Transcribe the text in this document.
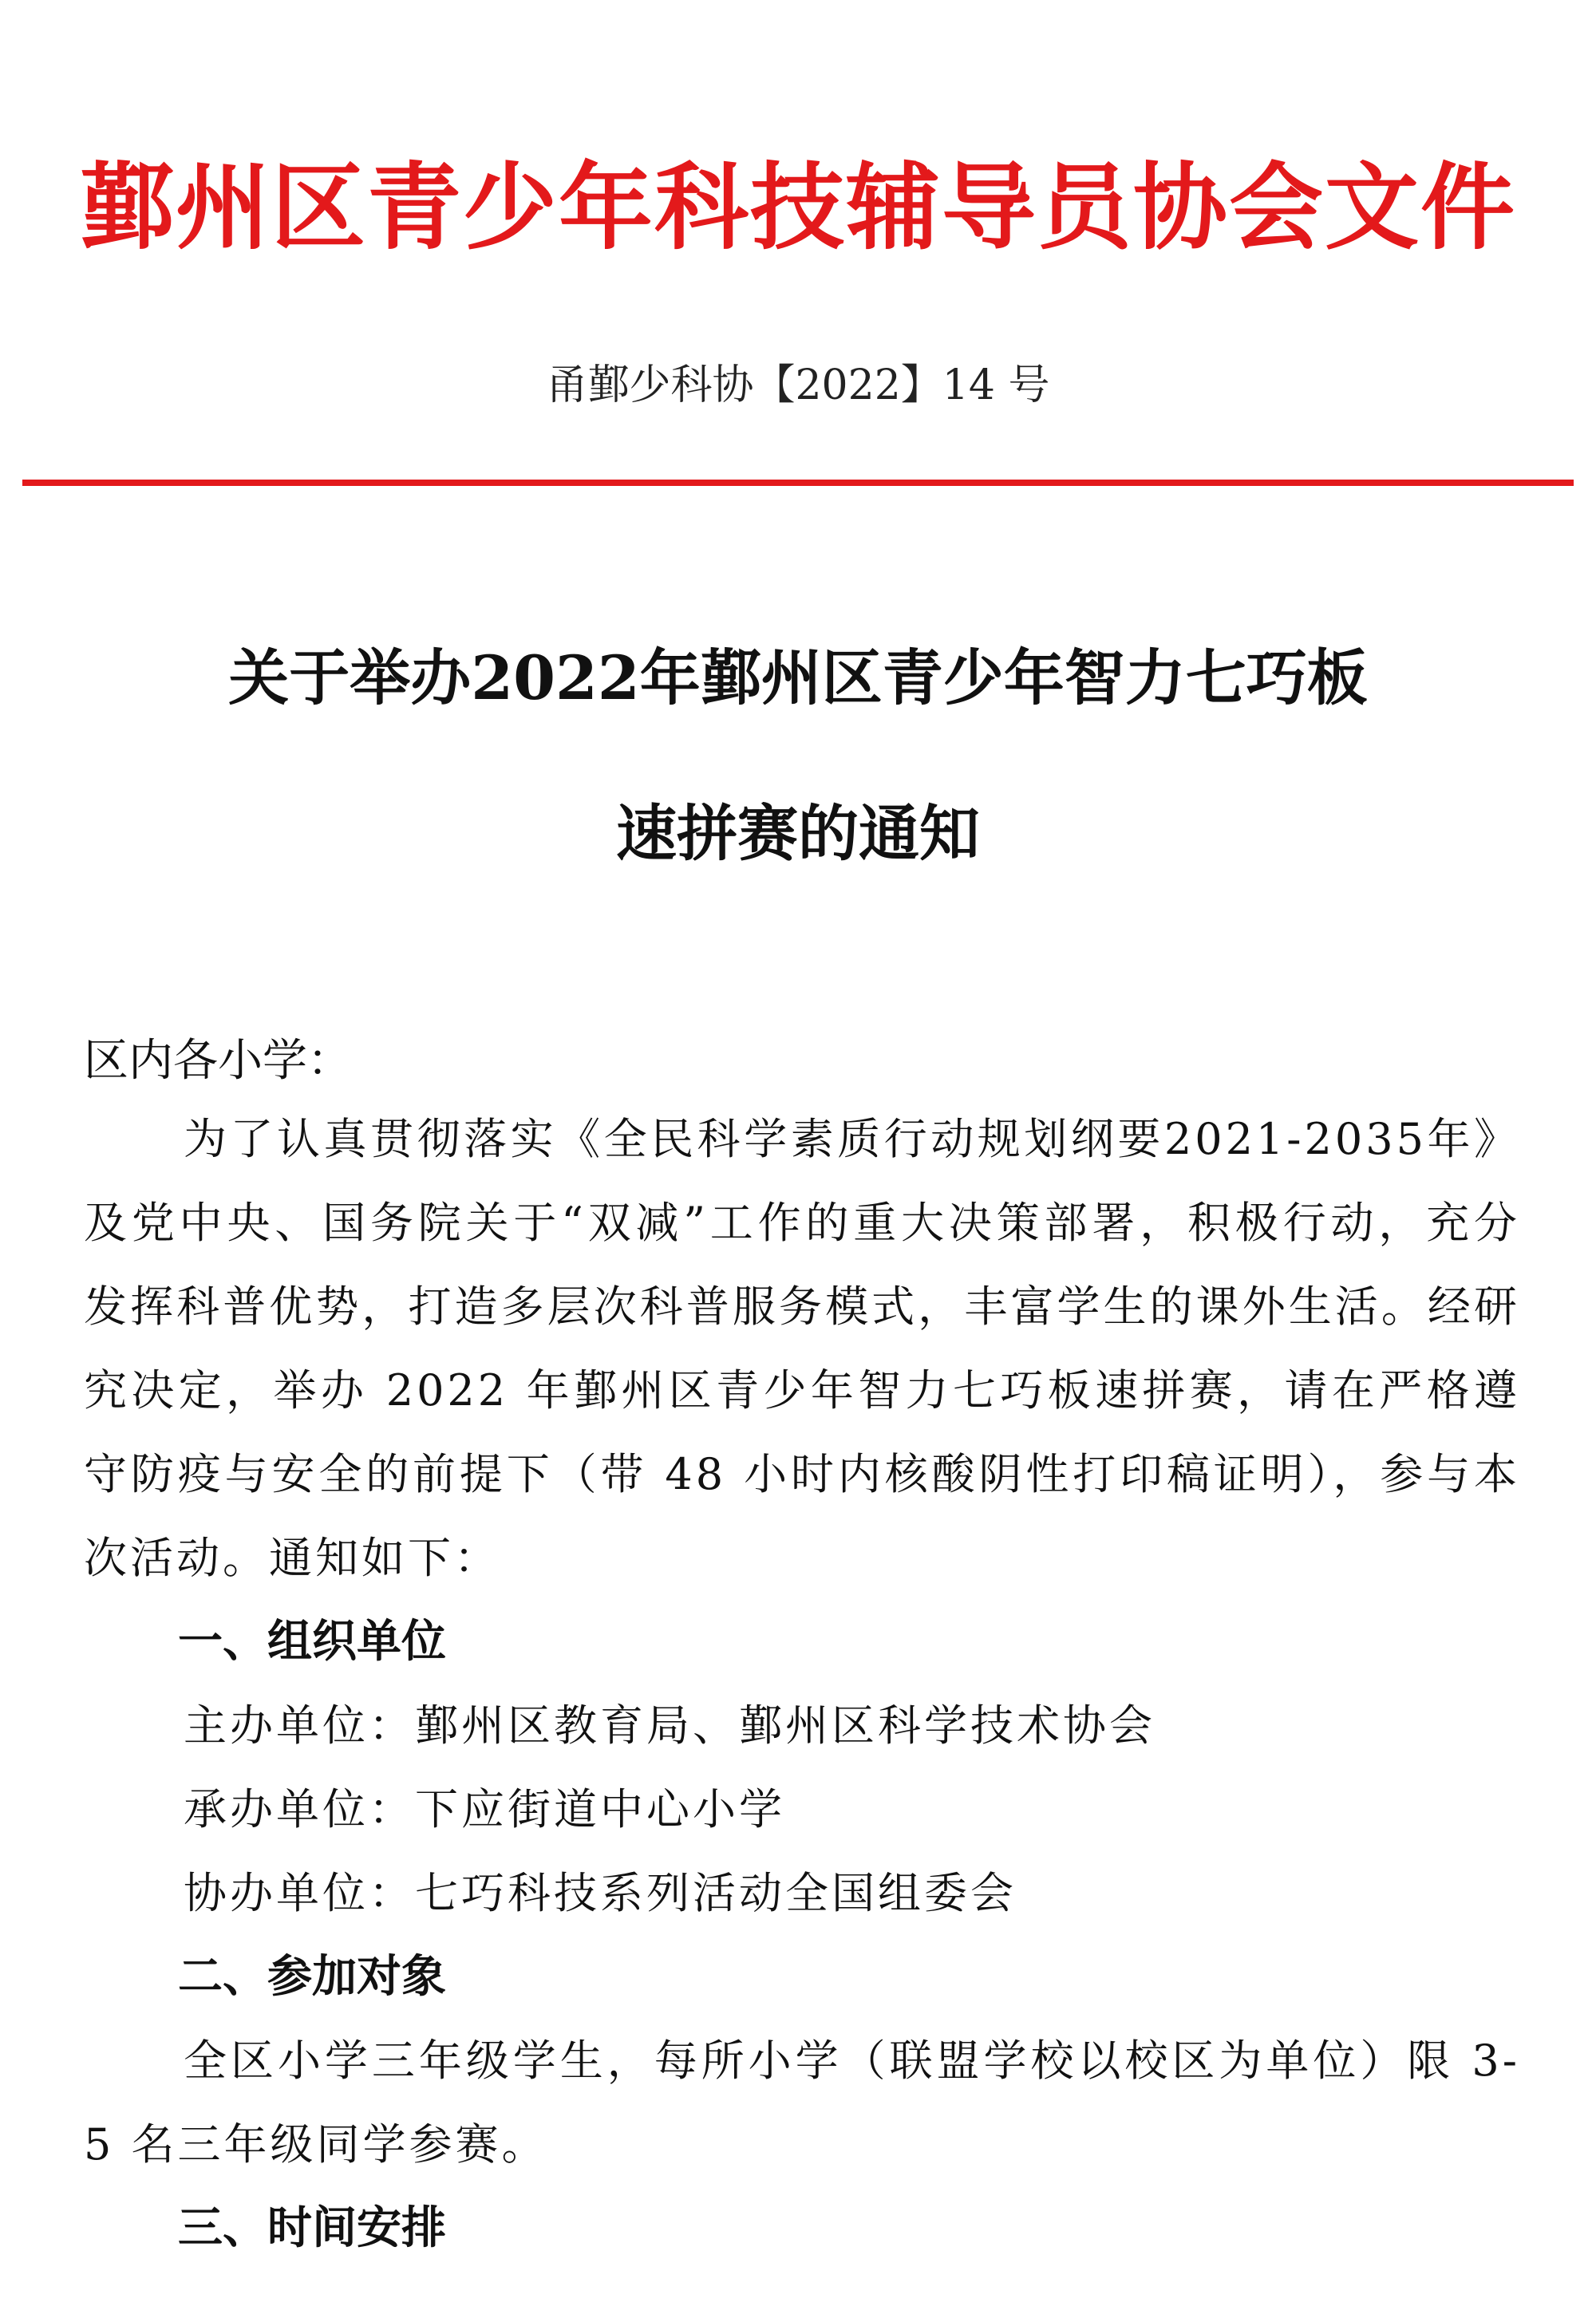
鄞州区青少年科技辅导员协会文件
甬鄞少科协【2022】14 号
关于举办2022年鄞州区青少年智力七巧板
速拼赛的通知

区内各小学：

为了认真贯彻落实《全民科学素质行动规划纲要2021-2035年》及党中央、国务院关于“双减”工作的重大决策部署，积极行动，充分发挥科普优势，打造多层次科普服务模式，丰富学生的课外生活。经研究决定，举办 2022 年鄞州区青少年智力七巧板速拼赛，请在严格遵守防疫与安全的前提下（带 48 小时内核酸阴性打印稿证明），参与本次活动。通知如下：

一、组织单位

主办单位：鄞州区教育局、鄞州区科学技术协会

承办单位：下应街道中心小学

协办单位：七巧科技系列活动全国组委会

二、参加对象

全区小学三年级学生，每所小学（联盟学校以校区为单位）限 3-5 名三年级同学参赛。

三、时间安排
